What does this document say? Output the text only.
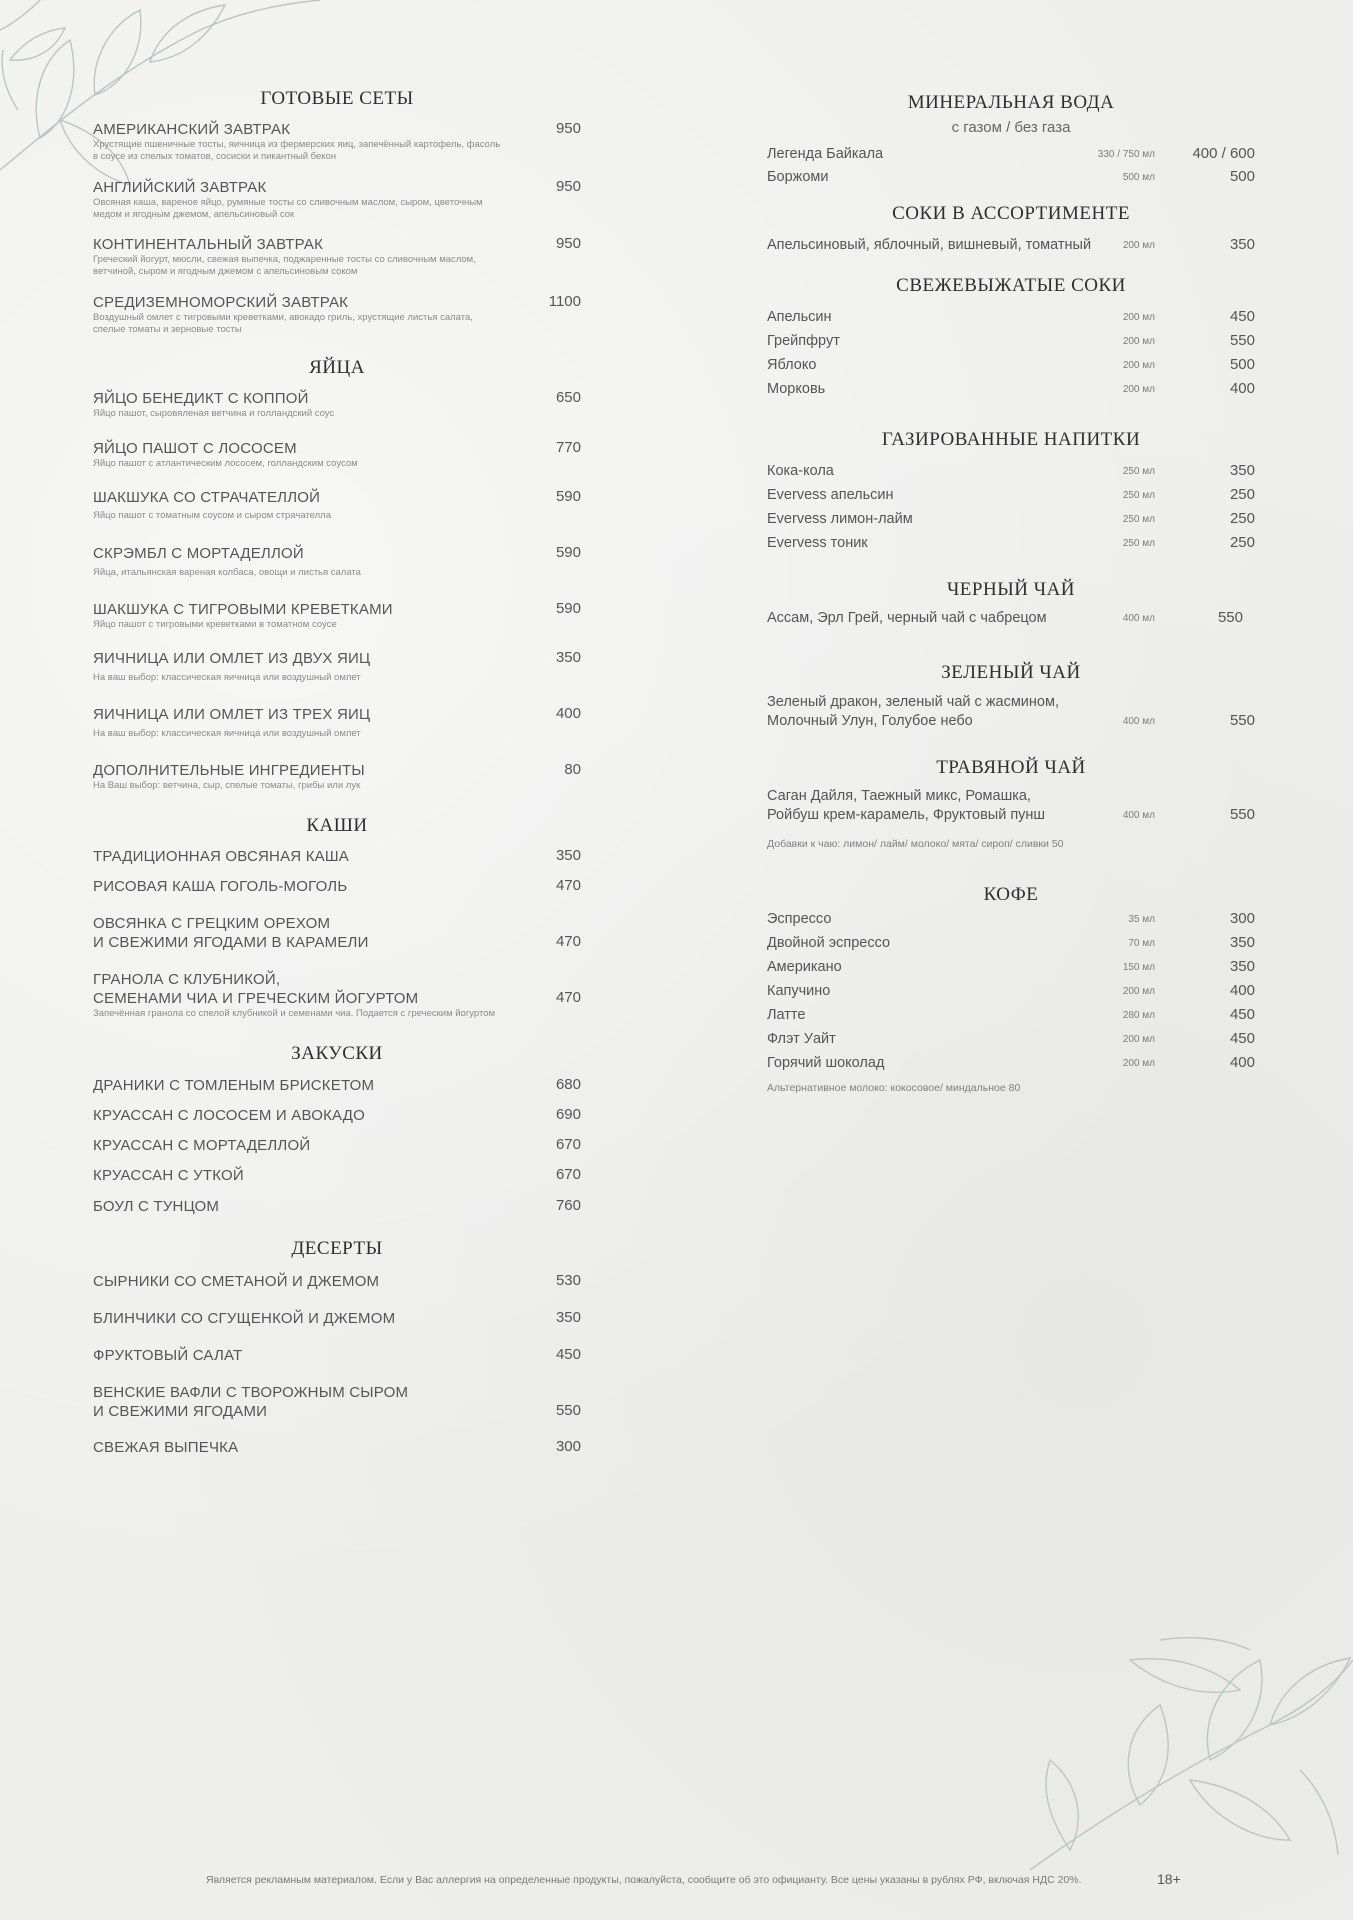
ГОТОВЫЕ СЕТЫ
АМЕРИКАНСКИЙ ЗАВТРАК
Хрустящие пшеничные тосты, яичница из фермерских яиц, запечённый картофель, фасоль в соусе из спелых томатов, сосиски и пикантный бекон
950
АНГЛИЙСКИЙ ЗАВТРАК
Овсяная каша, вареное яйцо, румяные тосты со сливочным маслом, сыром, цветочным медом и ягодным джемом, апельсиновый сок
950
КОНТИНЕНТАЛЬНЫЙ ЗАВТРАК
Греческий йогурт, мюсли, свежая выпечка, поджаренные тосты со сливочным маслом, ветчиной, сыром и ягодным джемом с апельсиновым соком
950
СРЕДИЗЕМНОМОРСКИЙ ЗАВТРАК
Воздушный омлет с тигровыми креветками, авокадо гриль, хрустящие листья салата, спелые томаты и зерновые тосты
1100
ЯЙЦА
ЯЙЦО БЕНЕДИКТ С КОППОЙ
Яйцо пашот, сыровяленая ветчина и голландский соус
650
ЯЙЦО ПАШОТ С ЛОСОСЕМ
Яйцо пашот с атлантическим лососем, голландским соусом
770
ШАКШУКА СО СТРАЧАТЕЛЛОЙ
Яйцо пашот с томатным соусом и сыром страчателла
590
СКРЭМБЛ С МОРТАДЕЛЛОЙ
Яйца, итальянская вареная колбаса, овощи и листья салата
590
ШАКШУКА С ТИГРОВЫМИ КРЕВЕТКАМИ
Яйцо пашот с тигровыми креветками в томатном соусе
590
ЯИЧНИЦА ИЛИ ОМЛЕТ ИЗ ДВУХ ЯИЦ
На ваш выбор: классическая яичница или воздушный омлет
350
ЯИЧНИЦА ИЛИ ОМЛЕТ ИЗ ТРЕХ ЯИЦ
На ваш выбор: классическая яичница или воздушный омлет
400
ДОПОЛНИТЕЛЬНЫЕ ИНГРЕДИЕНТЫ
На Ваш выбор: ветчина, сыр, спелые томаты, грибы или лук
80
КАШИ
ТРАДИЦИОННАЯ ОВСЯНАЯ КАША	350
РИСОВАЯ КАША ГОГОЛЬ-МОГОЛЬ	470
ОВСЯНКА С ГРЕЦКИМ ОРЕХОМ
И СВЕЖИМИ ЯГОДАМИ В КАРАМЕЛИ	470
ГРАНОЛА С КЛУБНИКОЙ,
СЕМЕНАМИ ЧИА И ГРЕЧЕСКИМ ЙОГУРТОМ
Запечённая гранола со спелой клубникой и семенами чиа. Подается с греческим йогуртом
470
ЗАКУСКИ
ДРАНИКИ С ТОМЛЕНЫМ БРИСКЕТОМ	680
КРУАССАН С ЛОСОСЕМ И АВОКАДО	690
КРУАССАН С МОРТАДЕЛЛОЙ	670
КРУАССАН С УТКОЙ	670
БОУЛ С ТУНЦОМ	760
ДЕСЕРТЫ
СЫРНИКИ СО СМЕТАНОЙ И ДЖЕМОМ	530
БЛИНЧИКИ СО СГУЩЕНКОЙ И ДЖЕМОМ	350
ФРУКТОВЫЙ САЛАТ	450
ВЕНСКИЕ ВАФЛИ С ТВОРОЖНЫМ СЫРОМ
И СВЕЖИМИ ЯГОДАМИ	550
СВЕЖАЯ ВЫПЕЧКА	300
МИНЕРАЛЬНАЯ ВОДА
с газом / без газа
Легенда Байкала	330 / 750 мл 400 / 600
Боржоми	500 мл	500
СОКИ В АССОРТИМЕНТЕ
Апельсиновый, яблочный, вишневый, томатный	200 мл	350
СВЕЖЕВЫЖАТЫЕ СОКИ
Апельсин	200 мл	450
Грейпфрут	200 мл	550
Яблоко	200 мл	500
Морковь	200 мл	400
ГАЗИРОВАННЫЕ НАПИТКИ
Кока-кола	250 мл	350
Evervess апельсин	250 мл	250
Evervess лимон-лайм	250 мл	250
Evervess тоник	250 мл	250
ЧЕРНЫЙ ЧАЙ
Ассам, Эрл Грей, черный чай с чабрецом	400 мл	550
ЗЕЛЕНЫЙ ЧАЙ
Зеленый дракон, зеленый чай с жасмином,
Молочный Улун, Голубое небо	400 мл	550
ТРАВЯНОЙ ЧАЙ
Саган Дайля, Таежный микс, Ромашка,
Ройбуш крем-карамель, Фруктовый пунш	400 мл	550
Добавки к чаю: лимон/ лайм/ молоко/ мята/ сироп/ сливки 50
КОФЕ
Эспрессо	35 мл	300
Двойной эспрессо	70 мл	350
Американо	150 мл	350
Капучино	200 мл	400
Латте	280 мл	450
Флэт Уайт	200 мл	450
Горячий шоколад	200 мл	400
Альтернативное молоко: кокосовое/ миндальное 80
Является рекламным материалом. Если у Вас аллергия на определенные продукты, пожалуйста, сообщите об это официанту. Все цены указаны в рублях РФ, включая НДС 20%.	18+
